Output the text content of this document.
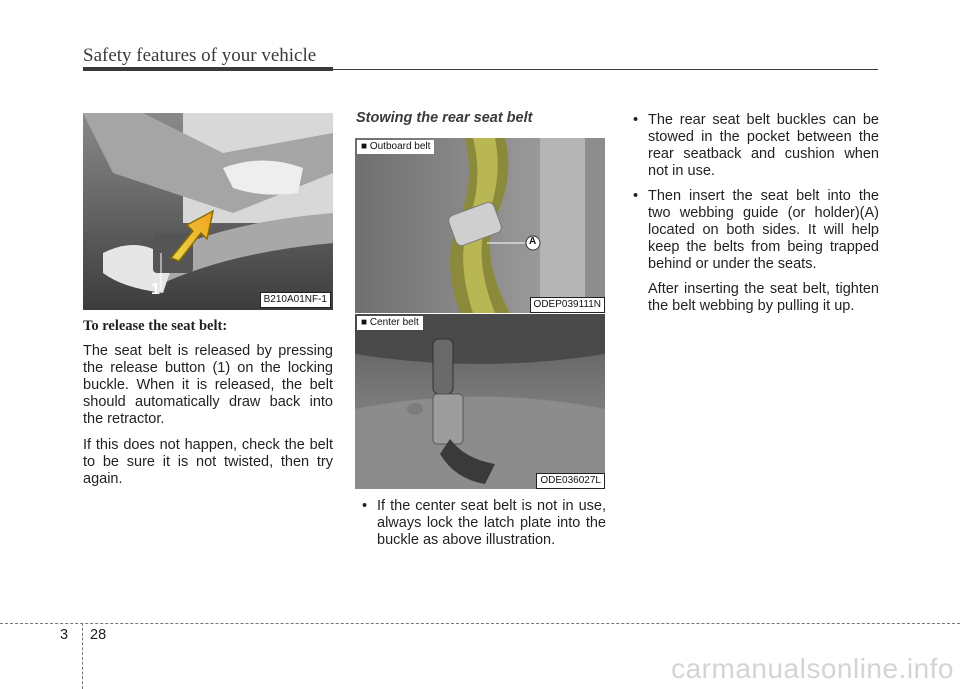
Safety features of your vehicle
1
B210A01NF-1
To release the seat belt:

The seat belt is released by pressing the release button (1) on the locking buckle. When it is released, the belt should automatically draw back into the retractor.

If this does not happen, check the belt to be sure it is not twisted, then try again.

Stowing the rear seat belt
A
■ Outboard belt
ODEP039111N
■ Center belt
ODE036027L
• If the center seat belt is not in use, always lock the latch plate into the buckle as above illustration.
• The rear seat belt buckles can be stowed in the pocket between the rear seatback and cushion when not in use.
• Then insert the seat belt into the two webbing guide (or holder)(A) located on both sides. It will help keep the belts from being trapped behind or under the seats.

After inserting the seat belt, tighten the belt webbing by pulling it up.

3 28
carmanualsonline.info
